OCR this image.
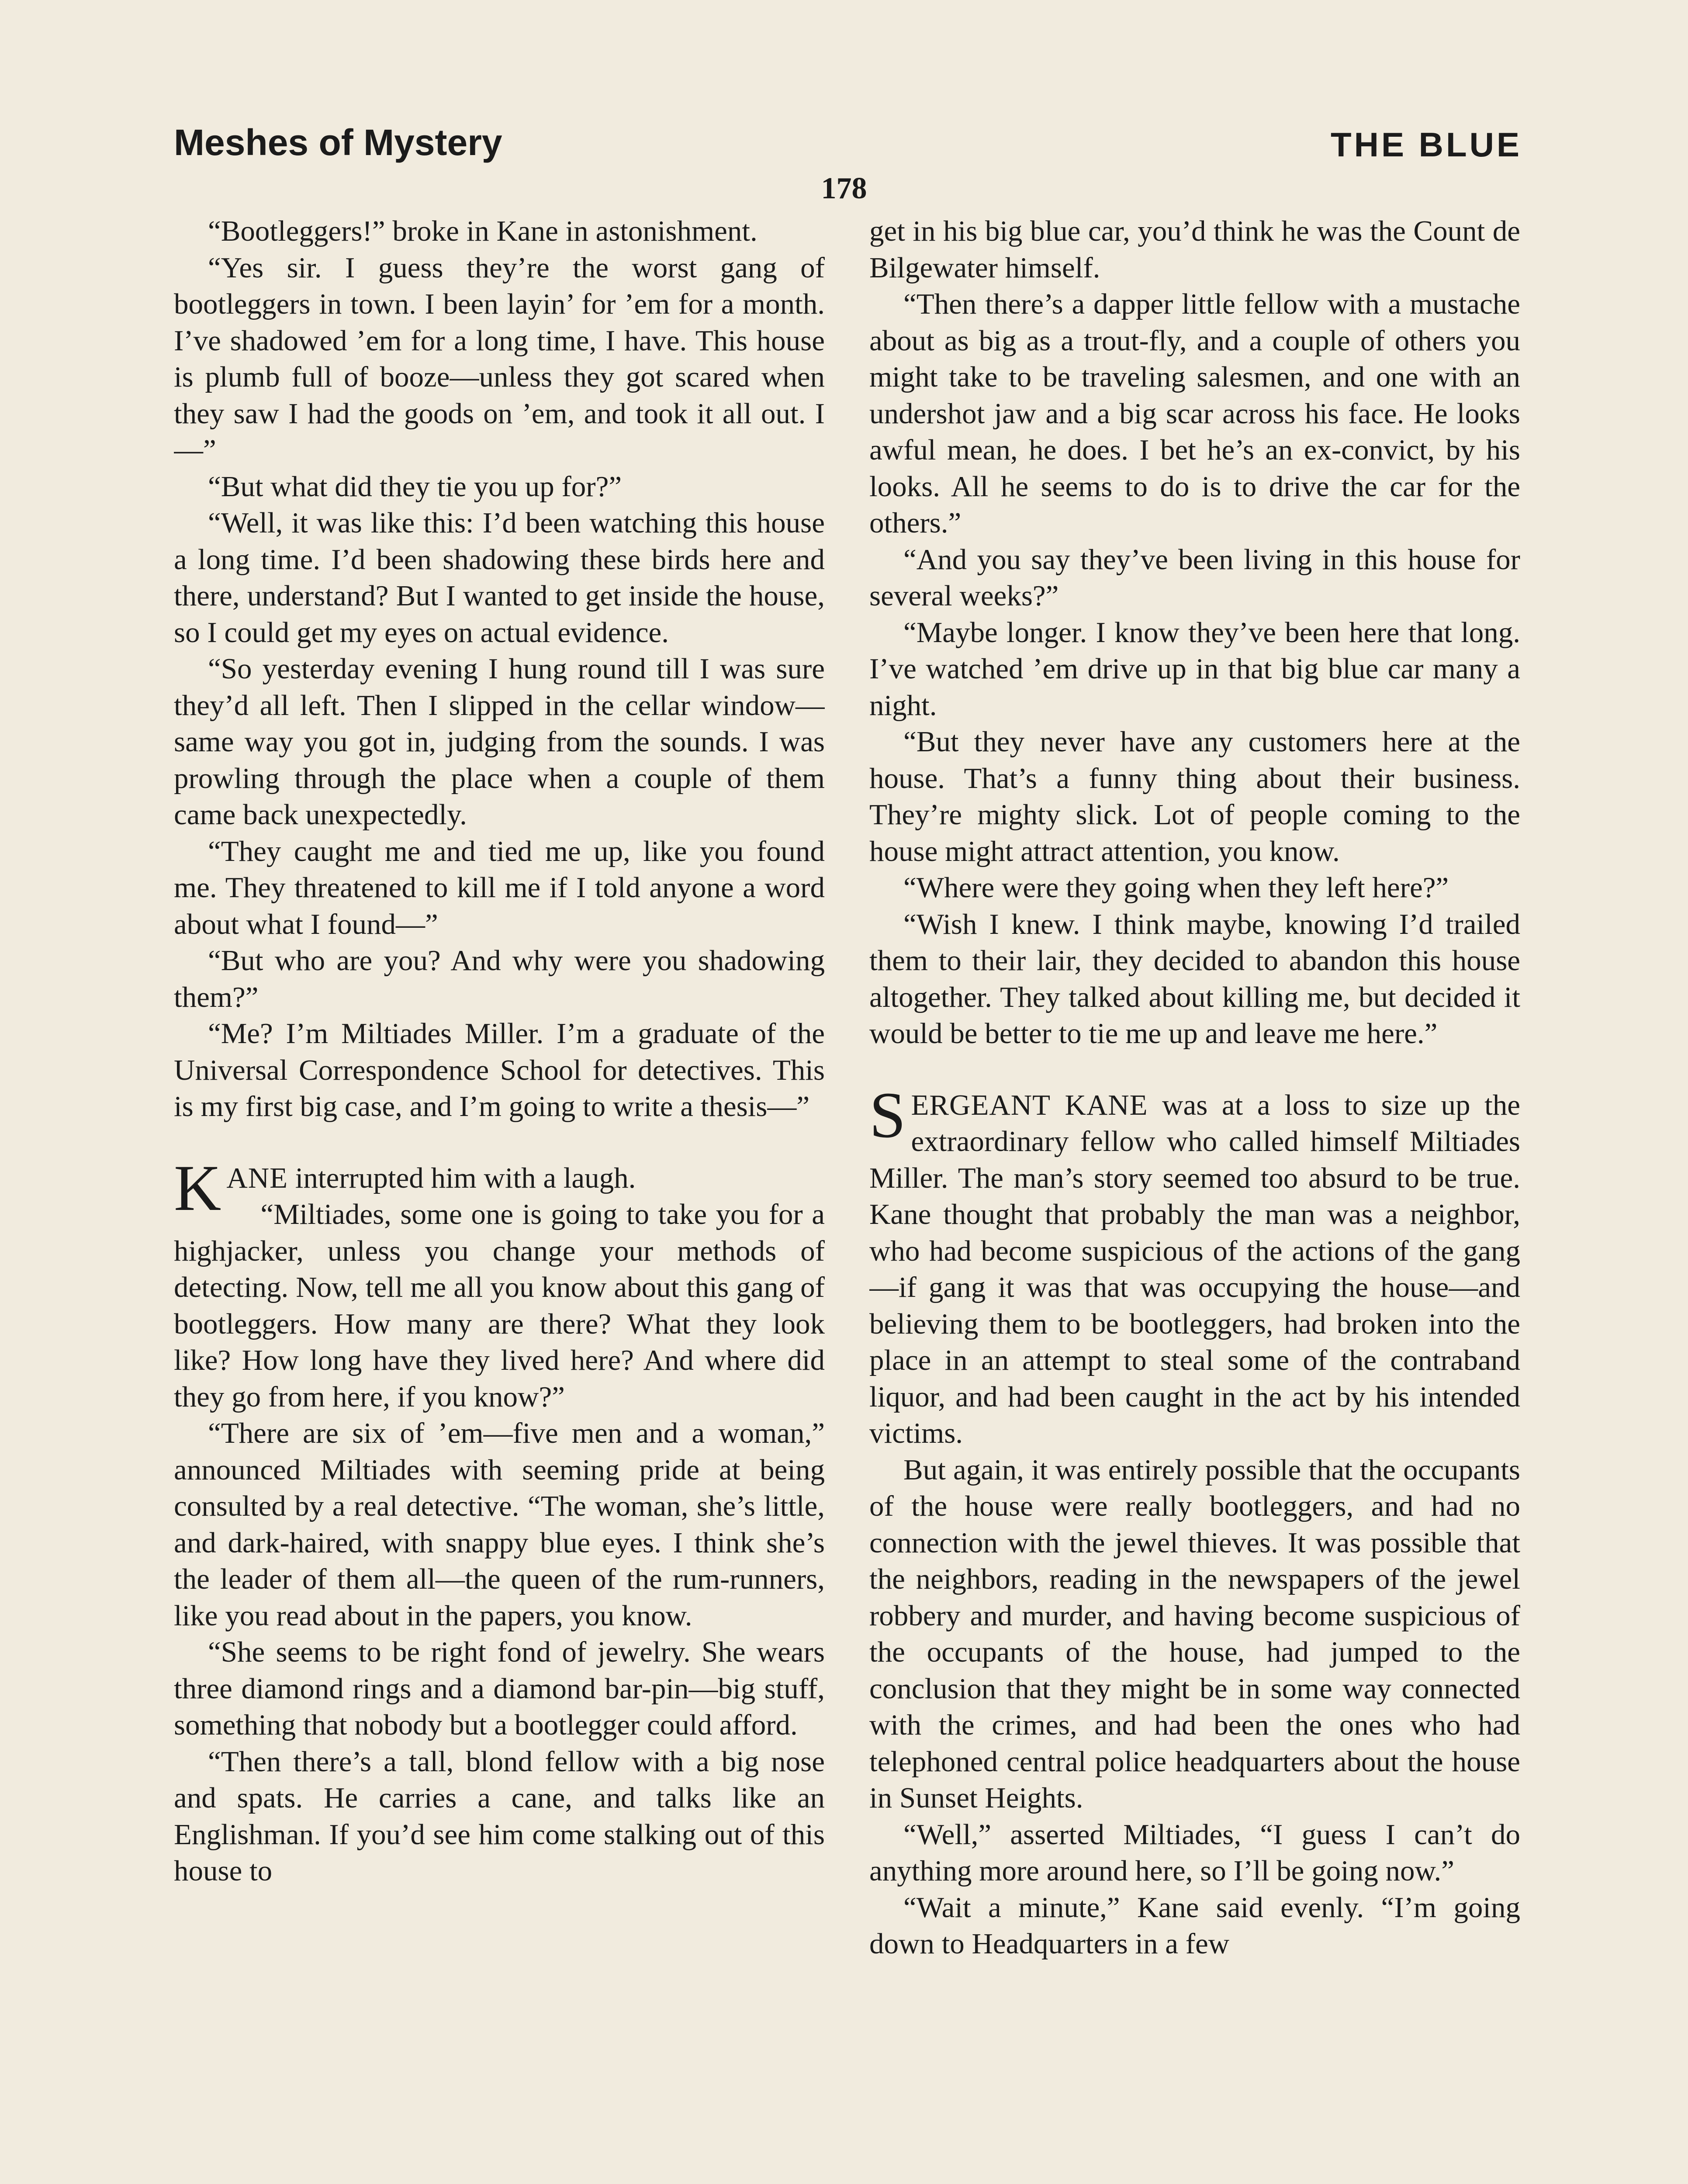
Meshes of Mystery	THE BLUE
178

“Bootleggers!” broke in Kane in astonishment.

“Yes sir. I guess they’re the worst gang of bootleggers in town. I been layin’ for ’em for a month. I’ve shadowed ’em for a long time, I have. This house is plumb full of booze—unless they got scared when they saw I had the goods on ’em, and took it all out. I—”

“But what did they tie you up for?”

“Well, it was like this: I’d been watching this house a long time. I’d been shadowing these birds here and there, understand? But I wanted to get inside the house, so I could get my eyes on actual evidence.

“So yesterday evening I hung round till I was sure they’d all left. Then I slipped in the cellar window—same way you got in, judging from the sounds. I was prowling through the place when a couple of them came back unexpectedly.

“They caught me and tied me up, like you found me. They threatened to kill me if I told anyone a word about what I found—”

“But who are you? And why were you shadowing them?”

“Me? I’m Miltiades Miller. I’m a graduate of the Universal Correspondence School for detectives. This is my first big case, and I’m going to write a thesis—”

KANE interrupted him with a laugh.

“Miltiades, some one is going to take you for a highjacker, unless you change your methods of detecting. Now, tell me all you know about this gang of bootleggers. How many are there? What they look like? How long have they lived here? And where did they go from here, if you know?”

“There are six of ’em—five men and a woman,” announced Miltiades with seeming pride at being consulted by a real detective. “The woman, she’s little, and dark-haired, with snappy blue eyes. I think she’s the leader of them all—the queen of the rum-runners, like you read about in the papers, you know.

“She seems to be right fond of jewelry. She wears three diamond rings and a diamond bar-pin—big stuff, something that nobody but a bootlegger could afford.

“Then there’s a tall, blond fellow with a big nose and spats. He carries a cane, and talks like an Englishman. If you’d see him come stalking out of this house to

get in his big blue car, you’d think he was the Count de Bilgewater himself.

“Then there’s a dapper little fellow with a mustache about as big as a trout-fly, and a couple of others you might take to be traveling salesmen, and one with an undershot jaw and a big scar across his face. He looks awful mean, he does. I bet he’s an ex-convict, by his looks. All he seems to do is to drive the car for the others.”

“And you say they’ve been living in this house for several weeks?”

“Maybe longer. I know they’ve been here that long. I’ve watched ’em drive up in that big blue car many a night.

“But they never have any customers here at the house. That’s a funny thing about their business. They’re mighty slick. Lot of people coming to the house might attract attention, you know.

“Where were they going when they left here?”

“Wish I knew. I think maybe, knowing I’d trailed them to their lair, they decided to abandon this house altogether. They talked about killing me, but decided it would be better to tie me up and leave me here.”

SERGEANT KANE was at a loss to size up the extraordinary fellow who called himself Miltiades Miller. The man’s story seemed too absurd to be true. Kane thought that probably the man was a neighbor, who had become suspicious of the actions of the gang—if gang it was that was occupying the house—and believing them to be bootleggers, had broken into the place in an attempt to steal some of the contraband liquor, and had been caught in the act by his intended victims.

But again, it was entirely possible that the occupants of the house were really bootleggers, and had no connection with the jewel thieves. It was possible that the neighbors, reading in the newspapers of the jewel robbery and murder, and having become suspicious of the occupants of the house, had jumped to the conclusion that they might be in some way connected with the crimes, and had been the ones who had telephoned central police headquarters about the house in Sunset Heights.

“Well,” asserted Miltiades, “I guess I can’t do anything more around here, so I’ll be going now.”

“Wait a minute,” Kane said evenly. “I’m going down to Headquarters in a few
